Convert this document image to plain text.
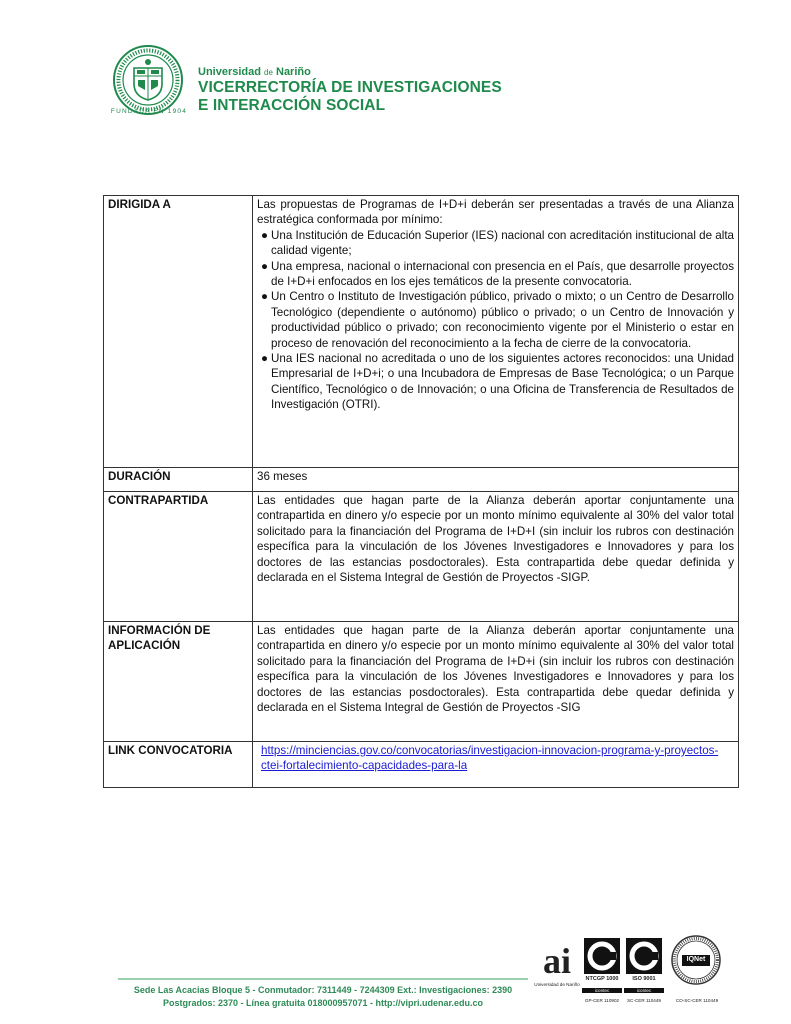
FUNDADA EN 1904
Universidad de Nariño
VICERRECTORÍA DE INVESTIGACIONES
E INTERACCIÓN SOCIAL
DIRIGIDA A	Las propuestas de Programas de I+D+i deberán ser presentadas a través de una Alianza estratégica conformada por mínimo:
● Una Institución de Educación Superior (IES) nacional con acreditación institucional de alta calidad vigente;
● Una empresa, nacional o internacional con presencia en el País, que desarrolle proyectos de I+D+i enfocados en los ejes temáticos de la presente convocatoria.
● Un Centro o Instituto de Investigación público, privado o mixto; o un Centro de Desarrollo Tecnológico (dependiente o autónomo) público o privado; o un Centro de Innovación y productividad público o privado; con reconocimiento vigente por el Ministerio o estar en proceso de renovación del reconocimiento a la fecha de cierre de la convocatoria.
● Una IES nacional no acreditada o uno de los siguientes actores reconocidos: una Unidad Empresarial de I+D+i; o una Incubadora de Empresas de Base Tecnológica; o un Parque Científico, Tecnológico o de Innovación; o una Oficina de Transferencia de Resultados de Investigación (OTRI).

DURACIÓN	36 meses
CONTRAPARTIDA	Las entidades que hagan parte de la Alianza deberán aportar conjuntamente una contrapartida en dinero y/o especie por un monto mínimo equivalente al 30% del valor total solicitado para la financiación del Programa de I+D+I (sin incluir los rubros con destinación específica para la vinculación de los Jóvenes Investigadores e Innovadores y para los doctores de las estancias posdoctorales). Esta contrapartida debe quedar definida y declarada en el Sistema Integral de Gestión de Proyectos -SIGP.

INFORMACIÓN DE APLICACIÓN	Las entidades que hagan parte de la Alianza deberán aportar conjuntamente una contrapartida en dinero y/o especie por un monto mínimo equivalente al 30% del valor total solicitado para la financiación del Programa de I+D+i (sin incluir los rubros con destinación específica para la vinculación de los Jóvenes Investigadores e Innovadores y para los doctores de las estancias posdoctorales). Esta contrapartida debe quedar definida y declarada en el Sistema Integral de Gestión de Proyectos -SIG
LINK CONVOCATORIA	https://minciencias.gov.co/convocatorias/investigacion-innovacion-programa-y-proyectos-ctei-fortalecimiento-capacidades-para-la
Sede Las Acacias Bloque 5 - Conmutador: 7311449 - 7244309 Ext.: Investigaciones: 2390
Postgrados: 2370 - Línea gratuita 018000957071 - http://vipri.udenar.edu.co
ai
Universidad de Nariño
NTCGP 1000
icontec
GP-CER 110902
ISO 9001
icontec
SC-CER 110449
IQNet
CO-SC-CER 110449
